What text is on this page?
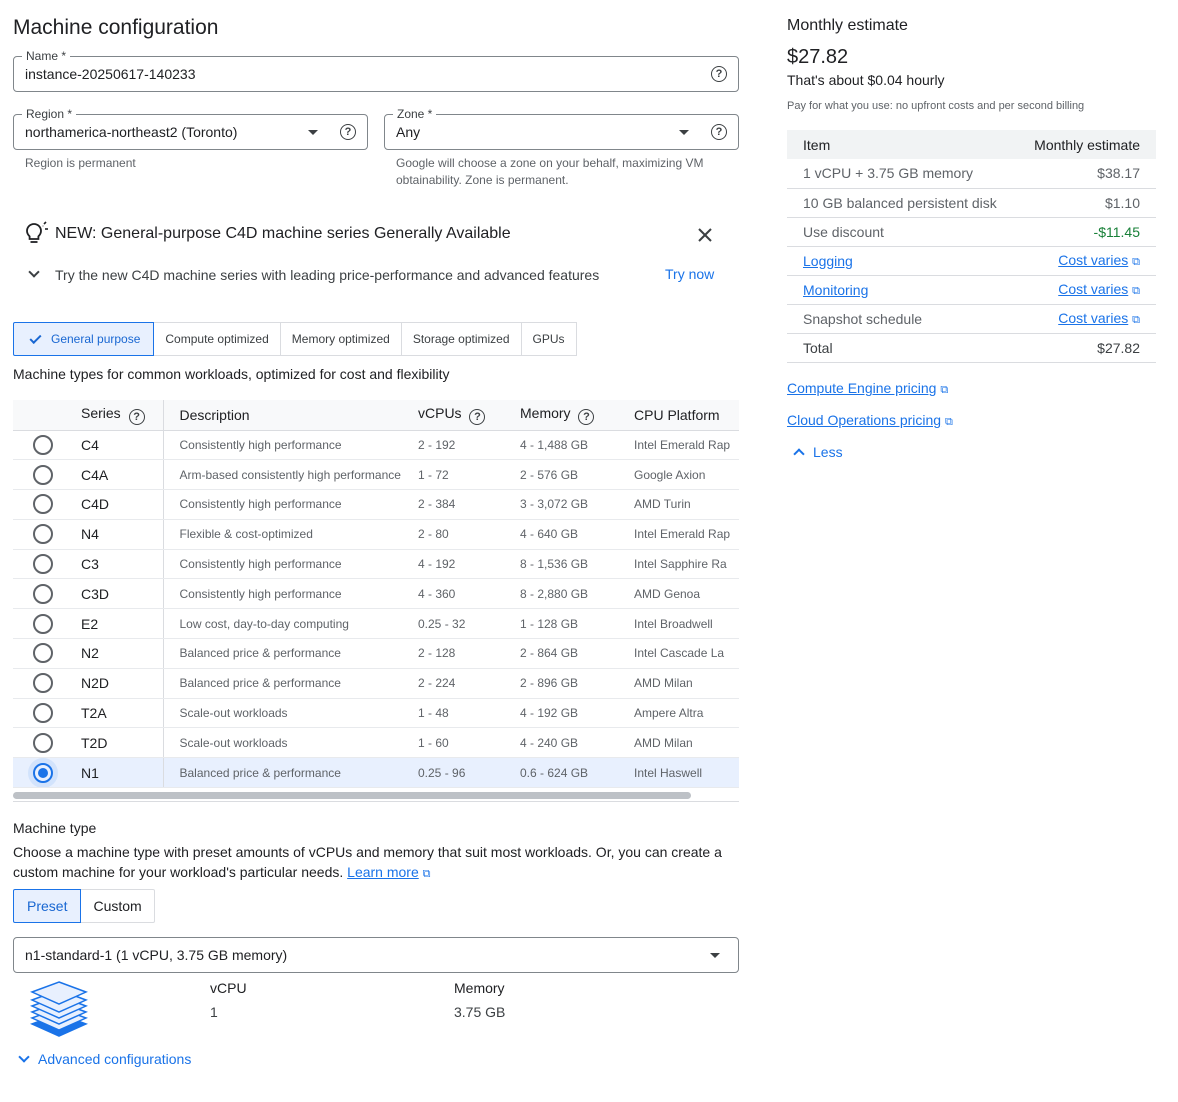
Machine configuration
Name *
instance-20250617-140233	?
Region *
northamerica-northeast2 (Toronto)	?
Region is permanent
Zone *
Any	?
Google will choose a zone on your behalf, maximizing VM obtainability. Zone is permanent.
NEW: General-purpose C4D machine series Generally Available
Try the new C4D machine series with leading price-performance and advanced features	Try now
General purpose	Compute optimized	Memory optimized	Storage optimized	GPUs
Machine types for common workloads, optimized for cost and flexibility
	Series ?	Description	vCPUs ?	Memory ?	CPU Platform

	C4	Consistently high performance	2 - 192	4 - 1,488 GB	Intel Emerald Rap

	C4A	Arm-based consistently high performance	1 - 72	2 - 576 GB	Google Axion

	C4D	Consistently high performance	2 - 384	3 - 3,072 GB	AMD Turin

	N4	Flexible & cost-optimized	2 - 80	4 - 640 GB	Intel Emerald Rap

	C3	Consistently high performance	4 - 192	8 - 1,536 GB	Intel Sapphire Ra

	C3D	Consistently high performance	4 - 360	8 - 2,880 GB	AMD Genoa

	E2	Low cost, day-to-day computing	0.25 - 32	1 - 128 GB	Intel Broadwell

	N2	Balanced price & performance	2 - 128	2 - 864 GB	Intel Cascade La

	N2D	Balanced price & performance	2 - 224	2 - 896 GB	AMD Milan

	T2A	Scale-out workloads	1 - 48	4 - 192 GB	Ampere Altra

	T2D	Scale-out workloads	1 - 60	4 - 240 GB	AMD Milan

	N1	Balanced price & performance	0.25 - 96	0.6 - 624 GB	Intel Haswell
Machine type
Choose a machine type with preset amounts of vCPUs and memory that suit most workloads. Or, you can create a custom machine for your workload's particular needs. Learn more ⧉
Preset	Custom
n1-standard-1 (1 vCPU, 3.75 GB memory)
vCPU
1
Memory
3.75 GB
Advanced configurations
Monthly estimate
$27.82
That's about $0.04 hourly
Pay for what you use: no upfront costs and per second billing
Item	Monthly estimate
1 vCPU + 3.75 GB memory	$38.17
10 GB balanced persistent disk	$1.10
Use discount	-$11.45
Logging	Cost varies ⧉
Monitoring	Cost varies ⧉
Snapshot schedule	Cost varies ⧉
Total	$27.82
Compute Engine pricing ⧉
Cloud Operations pricing ⧉
Less
